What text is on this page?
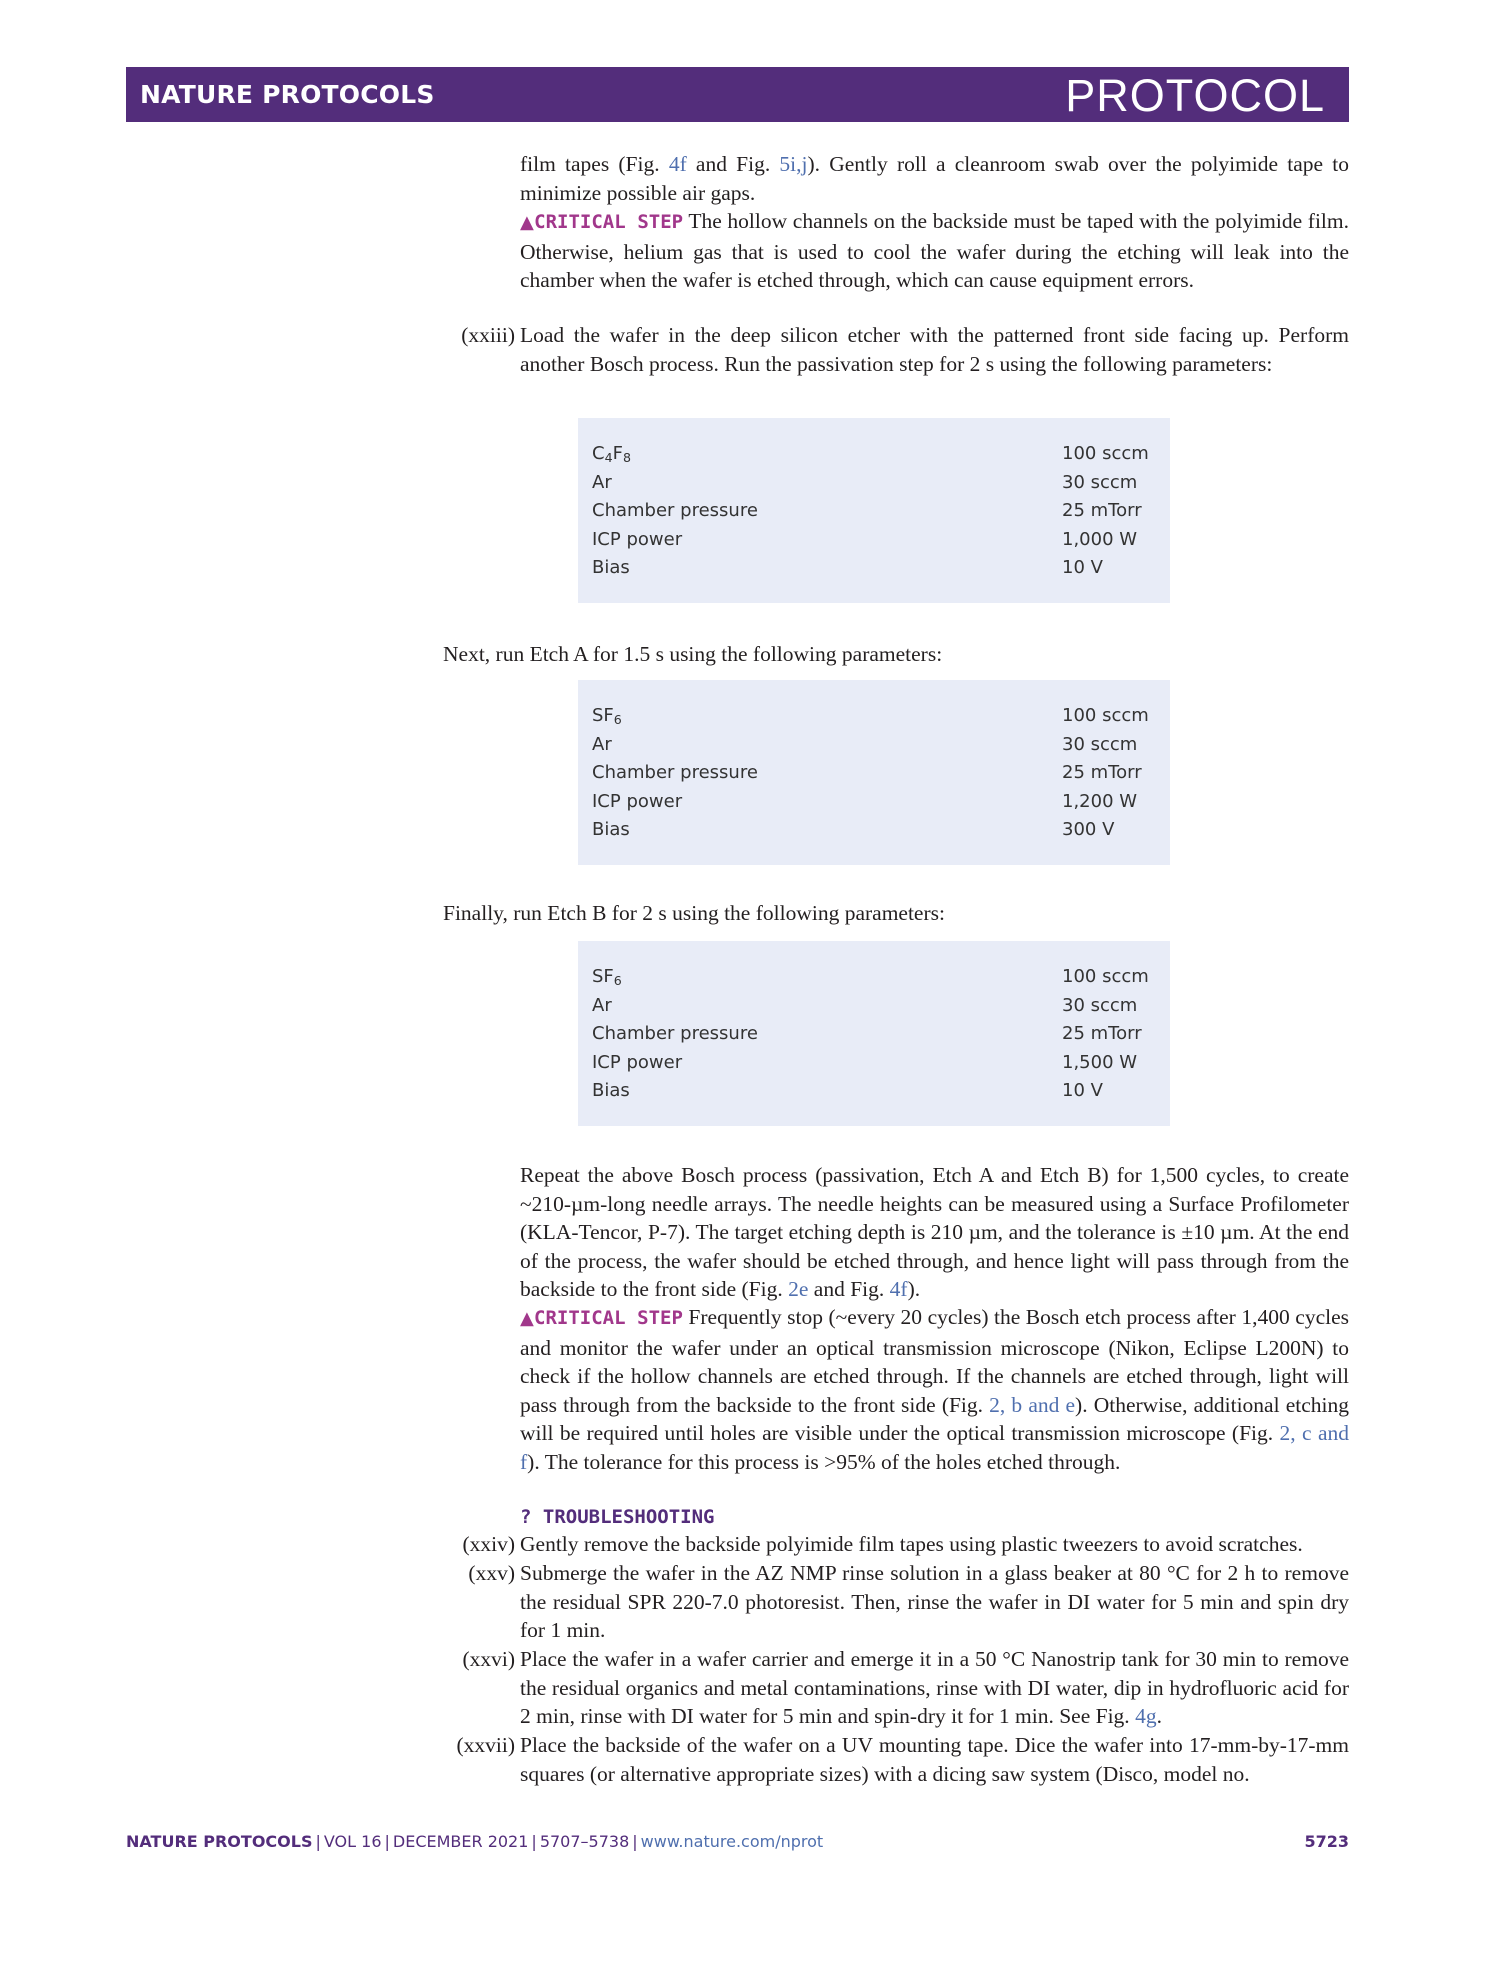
NATURE PROTOCOLS	PROTOCOL

film tapes (Fig. 4f and Fig. 5i,j). Gently roll a cleanroom swab over the polyimide tape to minimize possible air gaps.

▲CRITICAL STEP The hollow channels on the backside must be taped with the polyimide film. Otherwise, helium gas that is used to cool the wafer during the etching will leak into the chamber when the wafer is etched through, which can cause equipment errors.

(xxiii) Load the wafer in the deep silicon etcher with the patterned front side facing up. Perform another Bosch process. Run the passivation step for 2 s using the following parameters:
$C_4F_8$	100 sccm
Ar	30 sccm
Chamber pressure	25 mTorr
ICP power	1,000 W
Bias	10 V

Next, run Etch A for 1.5 s using the following parameters:

$SF_6$	100 sccm
Ar	30 sccm
Chamber pressure	25 mTorr
ICP power	1,200 W
Bias	300 V

Finally, run Etch B for 2 s using the following parameters:

$SF_6$	100 sccm
Ar	30 sccm
Chamber pressure	25 mTorr
ICP power	1,500 W
Bias	10 V

Repeat the above Bosch process (passivation, Etch A and Etch B) for 1,500 cycles, to create ~210-µm-long needle arrays. The needle heights can be measured using a Surface Profilometer (KLA-Tencor, P-7). The target etching depth is 210 µm, and the tolerance is ±10 µm. At the end of the process, the wafer should be etched through, and hence light will pass through from the backside to the front side (Fig. 2e and Fig. 4f).

▲CRITICAL STEP Frequently stop (~every 20 cycles) the Bosch etch process after 1,400 cycles and monitor the wafer under an optical transmission microscope (Nikon, Eclipse L200N) to check if the hollow channels are etched through. If the channels are etched through, light will pass through from the backside to the front side (Fig. 2, b and e). Otherwise, additional etching will be required until holes are visible under the optical transmission microscope (Fig. 2, c and f). The tolerance for this process is >95% of the holes etched through.

? TROUBLESHOOTING

(xxiv) Gently remove the backside polyimide film tapes using plastic tweezers to avoid scratches.
(xxv) Submerge the wafer in the AZ NMP rinse solution in a glass beaker at 80 °C for 2 h to remove the residual SPR 220-7.0 photoresist. Then, rinse the wafer in DI water for 5 min and spin dry for 1 min.
(xxvi) Place the wafer in a wafer carrier and emerge it in a 50 °C Nanostrip tank for 30 min to remove the residual organics and metal contaminations, rinse with DI water, dip in hydrofluoric acid for 2 min, rinse with DI water for 5 min and spin-dry it for 1 min. See Fig. 4g.
(xxvii) Place the backside of the wafer on a UV mounting tape. Dice the wafer into 17-mm-by-17-mm squares (or alternative appropriate sizes) with a dicing saw system (Disco, model no.
NATURE PROTOCOLS | VOL 16 | DECEMBER 2021 | 5707–5738 | www.nature.com/nprot	5723
